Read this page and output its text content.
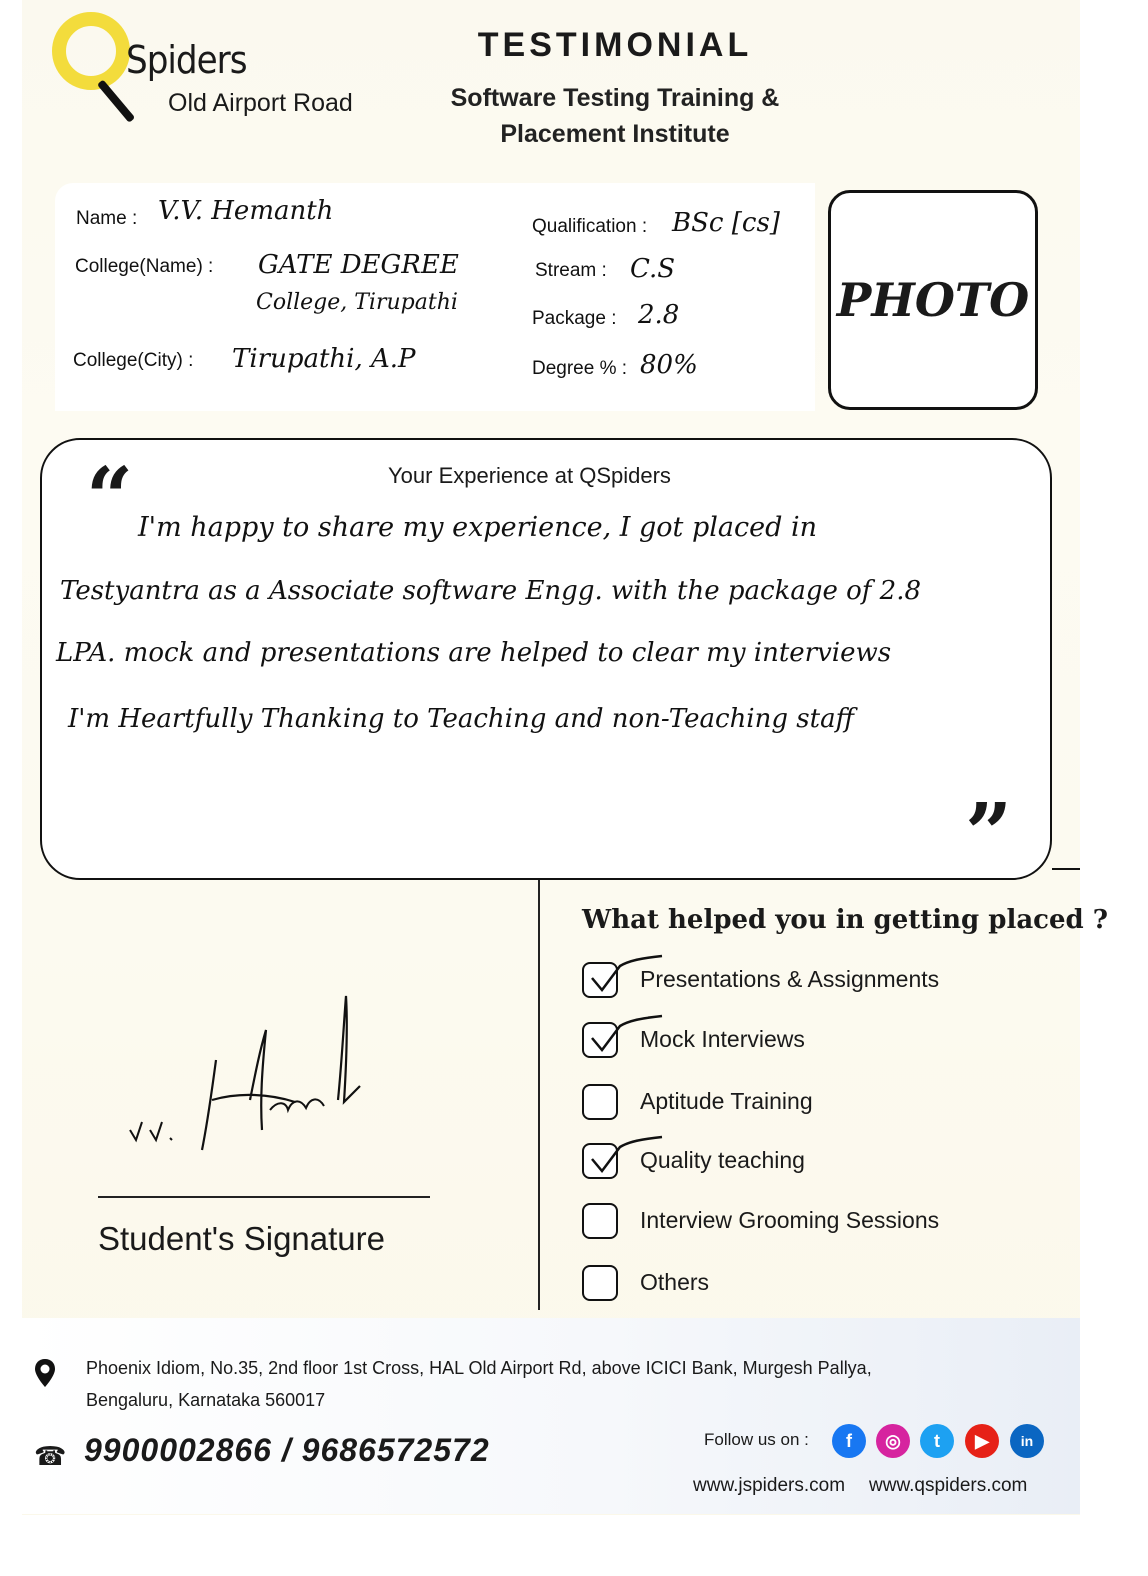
Spiders
Old Airport Road
TESTIMONIAL
Software Testing Training &
Placement Institute
Name : V.V. Hemanth
College(Name) : GATE DEGREE
College, Tirupathi
College(City) : Tirupathi, A.P
Qualification : BSc [cs]
Stream : C.S
Package : 2.8
Degree % : 80%
PHOTO
Your Experience at QSpiders
“ I'm happy to share my experience, I got placed in
Testyantra as a Associate software Engg. with the package of 2.8
LPA. mock and presentations are helped to clear my interviews
I'm Heartfully Thanking to Teaching and non-Teaching staff
”
Student's Signature
What helped you in getting placed ?
Presentations & Assignments
Mock Interviews
Aptitude Training
Quality teaching
Interview Grooming Sessions
Others
Phoenix Idiom, No.35, 2nd floor 1st Cross, HAL Old Airport Rd, above ICICI Bank, Murgesh Pallya,
Bengaluru, Karnataka 560017
☎ 9900002866 / 9686572572	Follow us on :	f	◎	t	▶	in
www.jspiders.com www.qspiders.com
